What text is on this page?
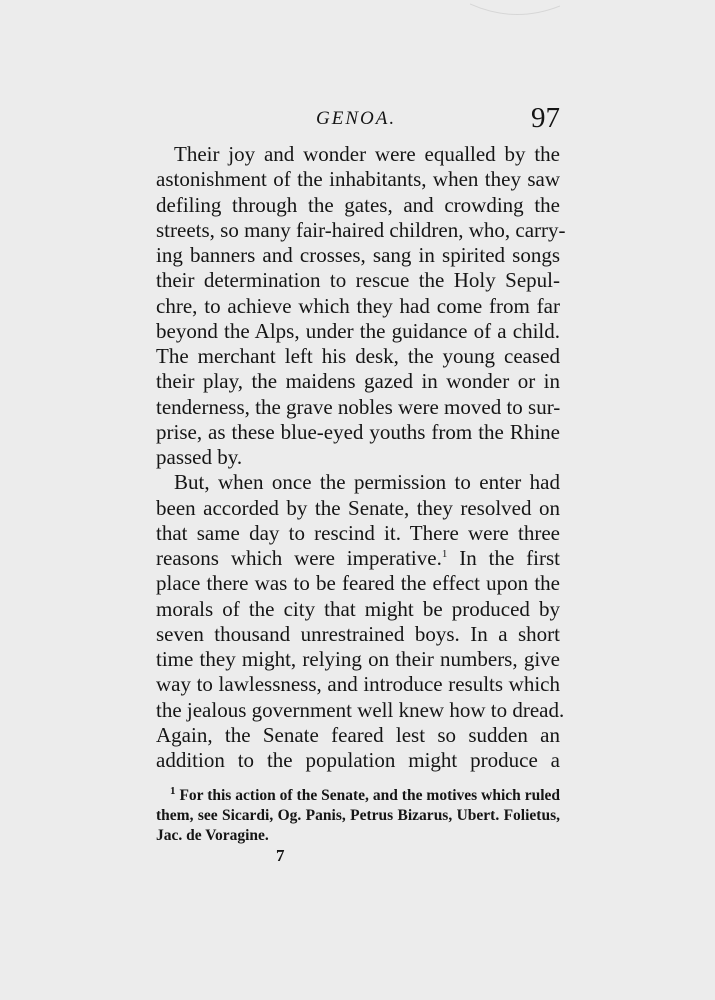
GENOA.	97
Their joy and wonder were equalled by the
astonishment of the inhabitants, when they saw
defiling through the gates, and crowding the
streets, so many fair-haired children, who, carry-
ing banners and crosses, sang in spirited songs
their determination to rescue the Holy Sepul-
chre, to achieve which they had come from far
beyond the Alps, under the guidance of a child.
The merchant left his desk, the young ceased
their play, the maidens gazed in wonder or in
tenderness, the grave nobles were moved to sur-
prise, as these blue-eyed youths from the Rhine
passed by.
But, when once the permission to enter had
been accorded by the Senate, they resolved on
that same day to rescind it. There were three
reasons which were imperative.$^1$ In the first
place there was to be feared the effect upon the
morals of the city that might be produced by
seven thousand unrestrained boys. In a short
time they might, relying on their numbers, give
way to lawlessness, and introduce results which
the jealous government well knew how to dread.
Again, the Senate feared lest so sudden an
addition to the population might produce a
$^1$ For this action of the Senate, and the motives which ruled
them, see Sicardi, Og. Panis, Petrus Bizarus, Ubert. Folietus,
Jac. de Voragine.
7
